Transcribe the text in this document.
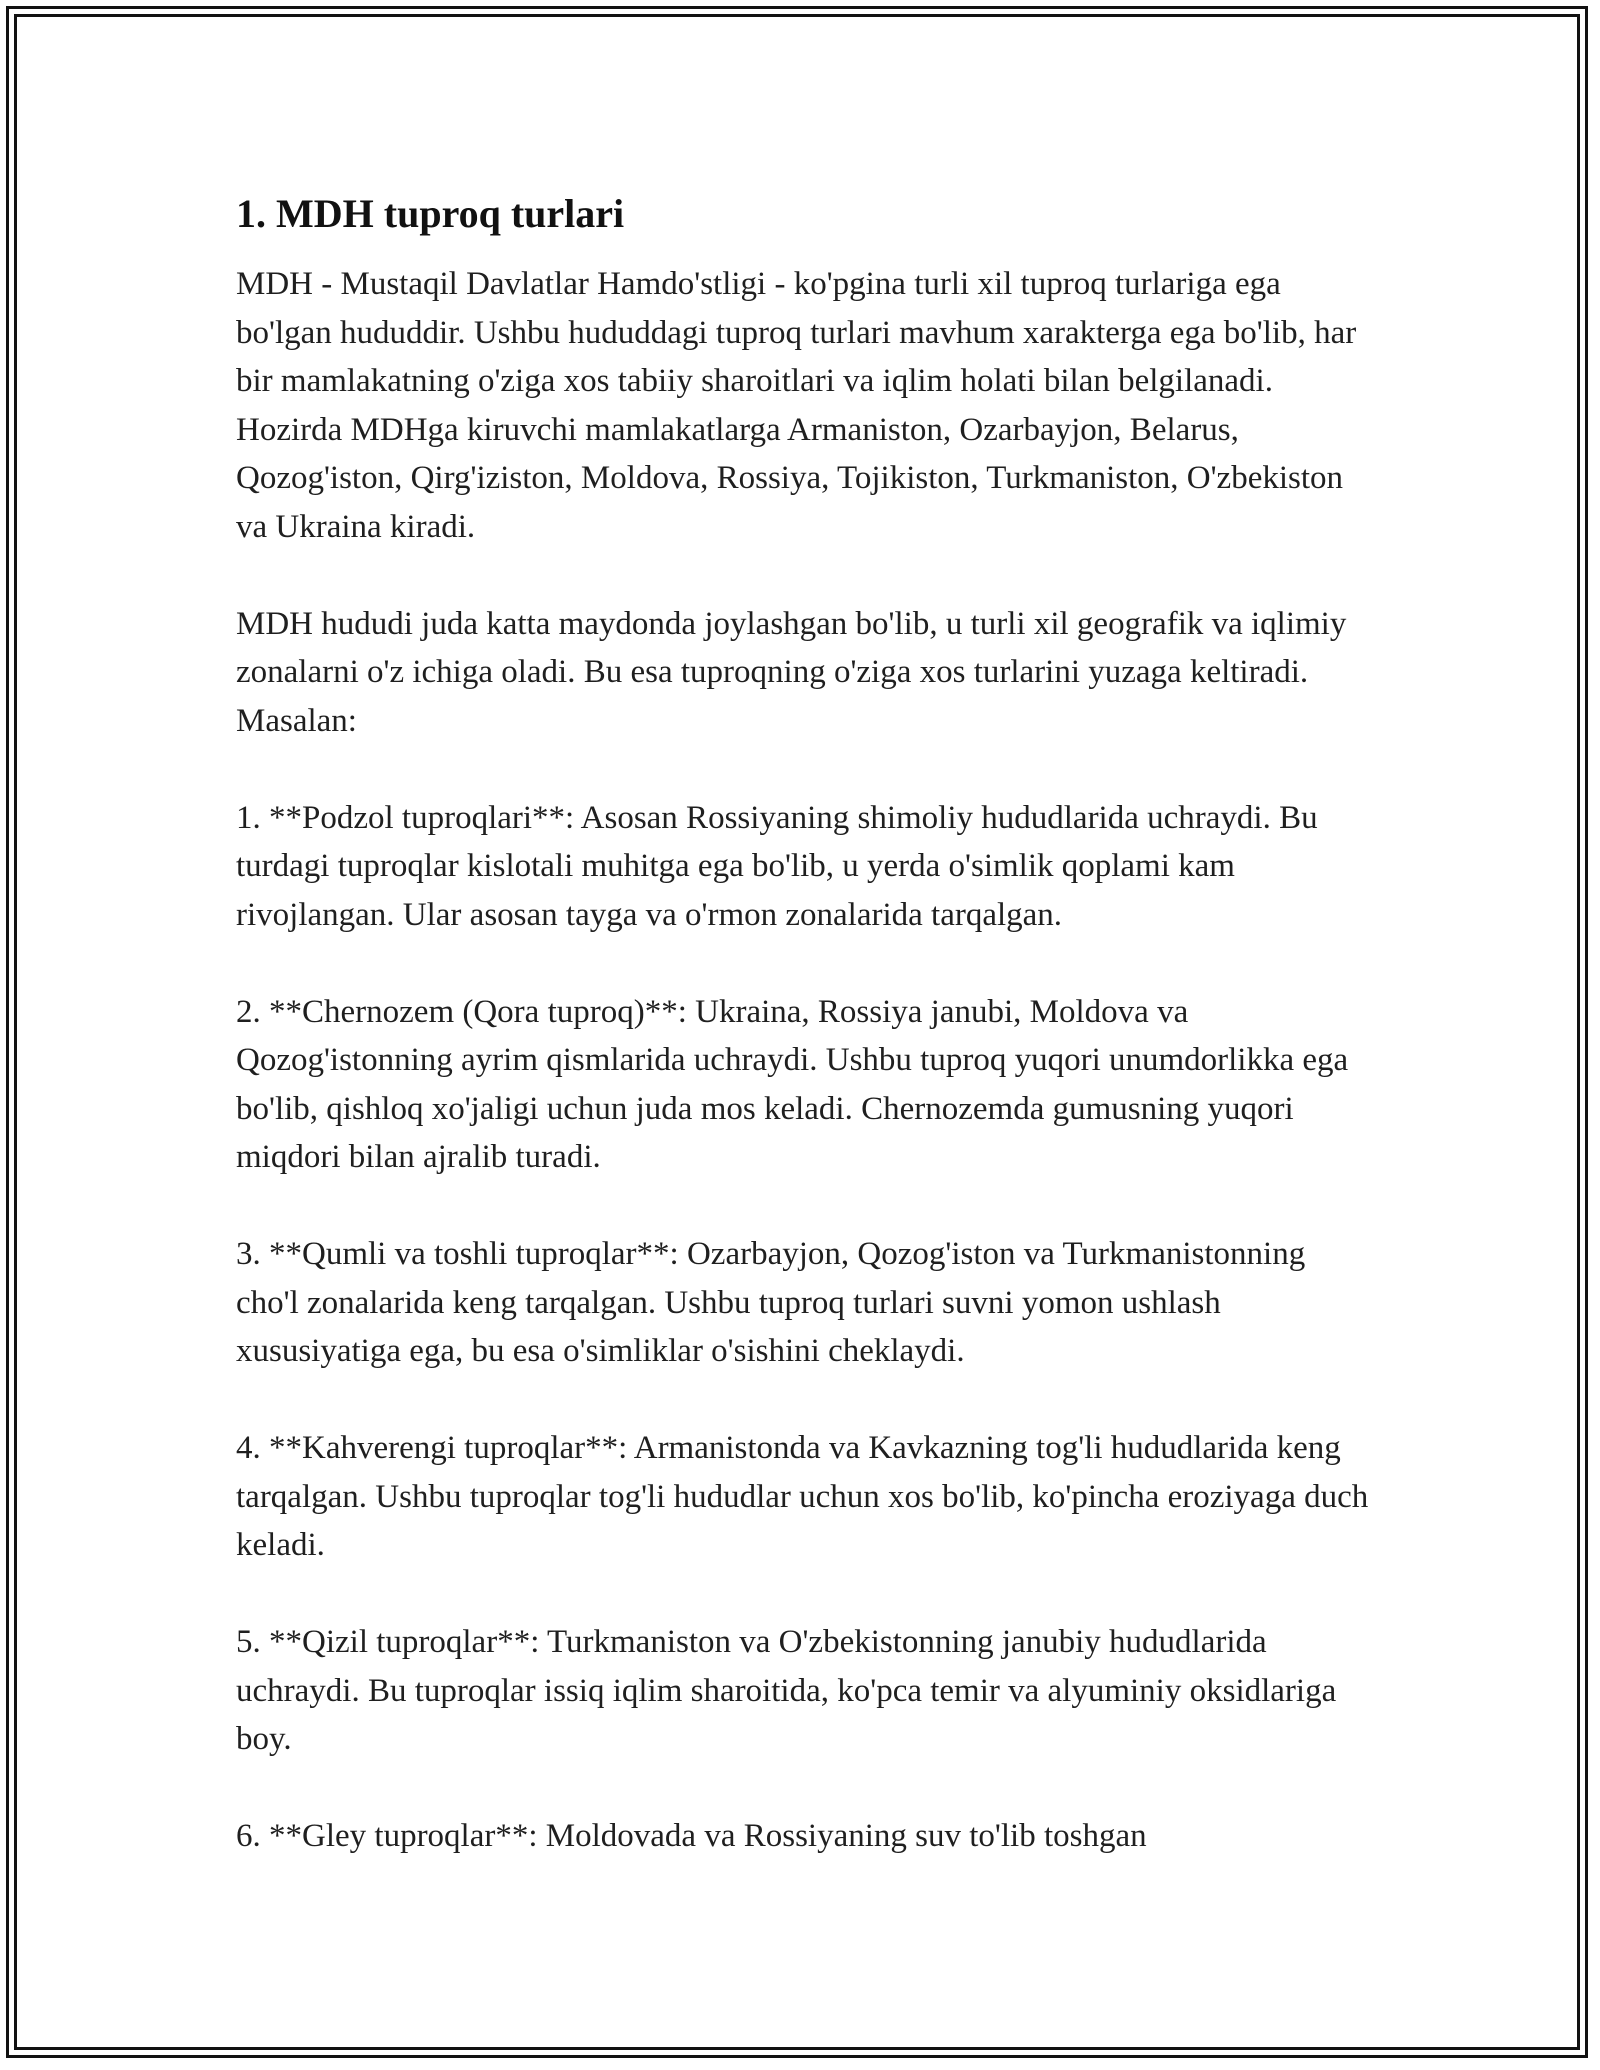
1. MDH tuproq turlari

MDH - Mustaqil Davlatlar Hamdo'stligi - ko'pgina turli xil tuproq turlariga ega bo'lgan hududdir. Ushbu hududdagi tuproq turlari mavhum xarakterga ega bo'lib, har bir mamlakatning o'ziga xos tabiiy sharoitlari va iqlim holati bilan belgilanadi. Hozirda MDHga kiruvchi mamlakatlarga Armaniston, Ozarbayjon, Belarus, Qozog'iston, Qirg'iziston, Moldova, Rossiya, Tojikiston, Turkmaniston, O'zbekiston va Ukraina kiradi.

MDH hududi juda katta maydonda joylashgan bo'lib, u turli xil geografik va iqlimiy zonalarni o'z ichiga oladi. Bu esa tuproqning o'ziga xos turlarini yuzaga keltiradi. Masalan:

1. **Podzol tuproqlari**: Asosan Rossiyaning shimoliy hududlarida uchraydi. Bu turdagi tuproqlar kislotali muhitga ega bo'lib, u yerda o'simlik qoplami kam rivojlangan. Ular asosan tayga va o'rmon zonalarida tarqalgan.

2. **Chernozem (Qora tuproq)**: Ukraina, Rossiya janubi, Moldova va Qozog'istonning ayrim qismlarida uchraydi. Ushbu tuproq yuqori unumdorlikka ega bo'lib, qishloq xo'jaligi uchun juda mos keladi. Chernozemda gumusning yuqori miqdori bilan ajralib turadi.

3. **Qumli va toshli tuproqlar**: Ozarbayjon, Qozog'iston va Turkmanistonning cho'l zonalarida keng tarqalgan. Ushbu tuproq turlari suvni yomon ushlash xususiyatiga ega, bu esa o'simliklar o'sishini cheklaydi.

4. **Kahverengi tuproqlar**: Armanistonda va Kavkazning tog'li hududlarida keng tarqalgan. Ushbu tuproqlar tog'li hududlar uchun xos bo'lib, ko'pincha eroziyaga duch keladi.

5. **Qizil tuproqlar**: Turkmaniston va O'zbekistonning janubiy hududlarida uchraydi. Bu tuproqlar issiq iqlim sharoitida, ko'pca temir va alyuminiy oksidlariga boy.

6. **Gley tuproqlar**: Moldovada va Rossiyaning suv to'lib toshgan
